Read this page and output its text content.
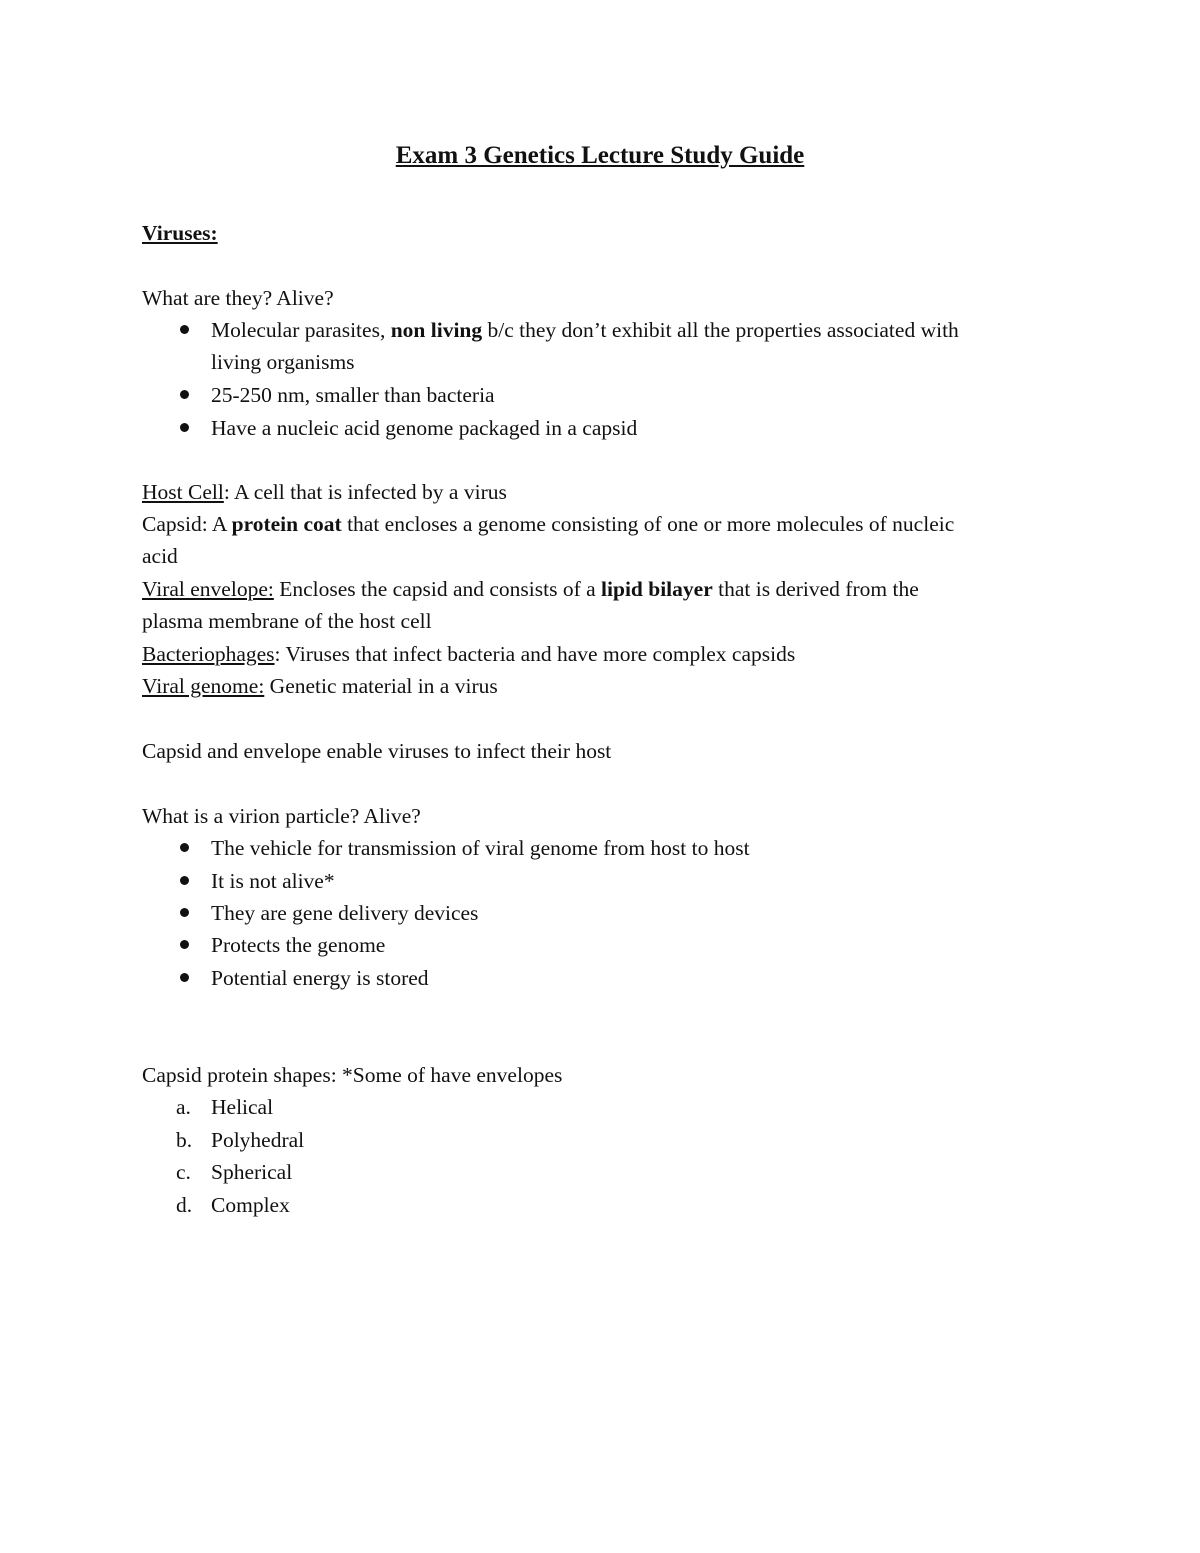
Exam 3 Genetics Lecture Study Guide
Viruses:
What are they? Alive?
Molecular parasites, non living b/c they don’t exhibit all the properties associated with
living organisms
25-250 nm, smaller than bacteria
Have a nucleic acid genome packaged in a capsid
Host Cell: A cell that is infected by a virus
Capsid: A protein coat that encloses a genome consisting of one or more molecules of nucleic
acid
Viral envelope: Encloses the capsid and consists of a lipid bilayer that is derived from the
plasma membrane of the host cell
Bacteriophages: Viruses that infect bacteria and have more complex capsids
Viral genome: Genetic material in a virus
Capsid and envelope enable viruses to infect their host
What is a virion particle? Alive?
The vehicle for transmission of viral genome from host to host
It is not alive*
They are gene delivery devices
Protects the genome
Potential energy is stored
Capsid protein shapes: *Some of have envelopes
a. Helical
b. Polyhedral
c. Spherical
d. Complex
